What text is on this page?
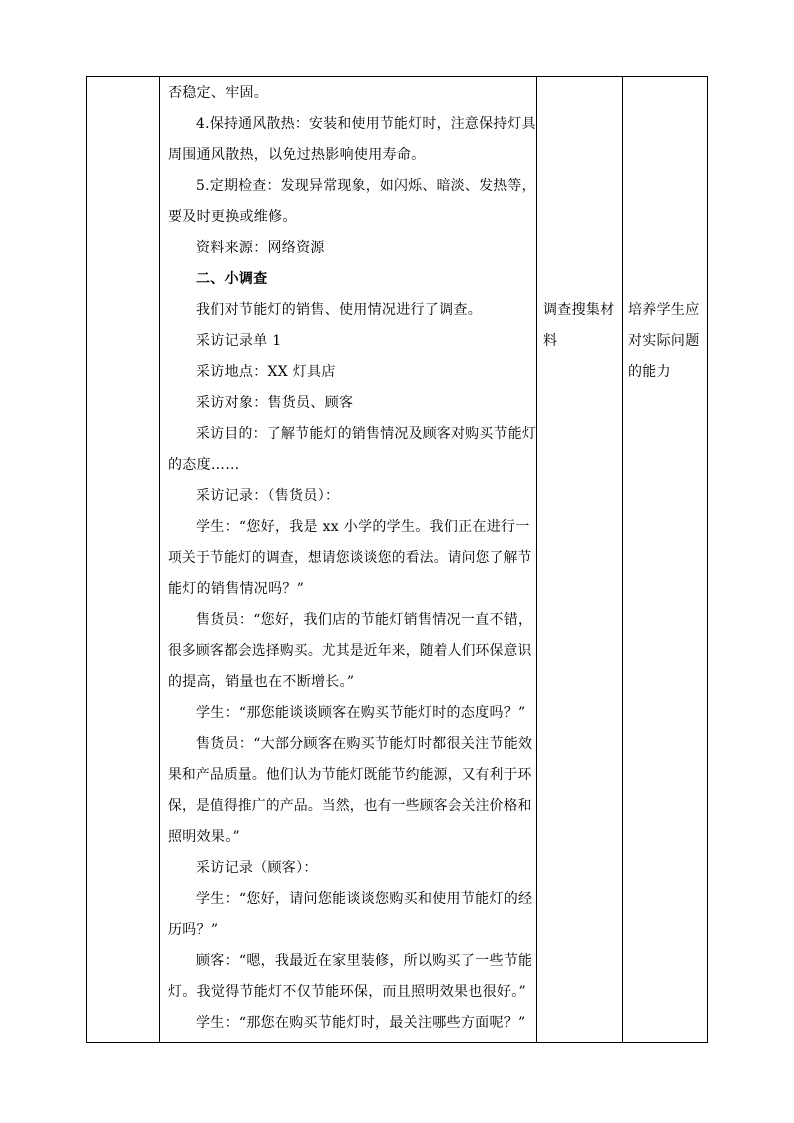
否稳定、牢固。
4.保持通风散热：安装和使用节能灯时，注意保持灯具
周围通风散热，以免过热影响使用寿命。
5.定期检查：发现异常现象，如闪烁、暗淡、发热等，
要及时更换或维修。
资料来源：网络资源
二、小调查
我们对节能灯的销售、使用情况进行了调查。
采访记录单 1
采访地点：XX 灯具店
采访对象：售货员、顾客
采访目的：了解节能灯的销售情况及顾客对购买节能灯
的态度……
采访记录：（售货员）：
学生：“您好，我是 xx 小学的学生。我们正在进行一
项关于节能灯的调查，想请您谈谈您的看法。请问您了解节
能灯的销售情况吗？”
售货员：“您好，我们店的节能灯销售情况一直不错，
很多顾客都会选择购买。尤其是近年来，随着人们环保意识
的提高，销量也在不断增长。”
学生：“那您能谈谈顾客在购买节能灯时的态度吗？”
售货员：“大部分顾客在购买节能灯时都很关注节能效
果和产品质量。他们认为节能灯既能节约能源，又有利于环
保，是值得推广的产品。当然，也有一些顾客会关注价格和
照明效果。”
采访记录（顾客）：
学生：“您好，请问您能谈谈您购买和使用节能灯的经
历吗？”
顾客：“嗯，我最近在家里装修，所以购买了一些节能
灯。我觉得节能灯不仅节能环保，而且照明效果也很好。”
学生：“那您在购买节能灯时，最关注哪些方面呢？”
调查搜集材
料
培养学生应
对实际问题
的能力
